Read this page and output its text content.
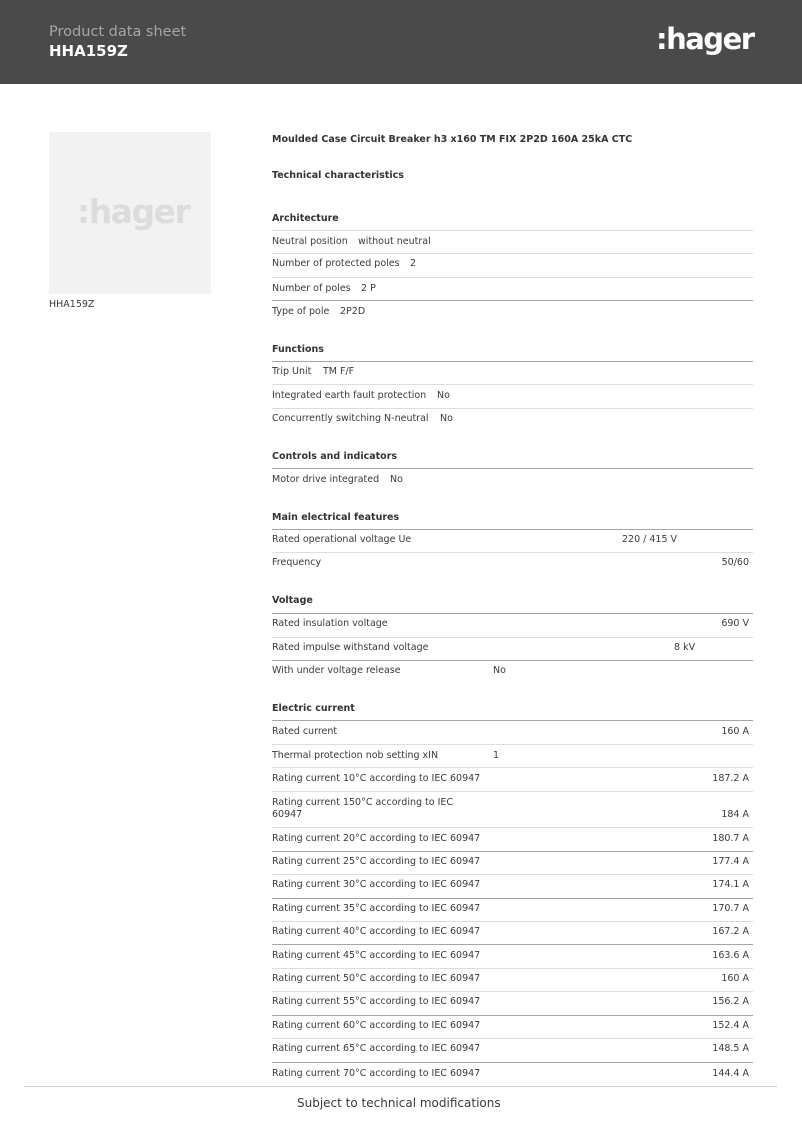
Product data sheet
HHA159Z	:hager
:hager
HHA159Z
Moulded Case Circuit Breaker h3 x160 TM FIX 2P2D 160A 25kA CTC
Technical characteristics
Architecture
Neutral position without neutral
Number of protected poles 2
Number of poles 2 P
Type of pole 2P2D
Functions
Trip Unit TM F/F
Integrated earth fault protection No
Concurrently switching N-neutral No
Controls and indicators
Motor drive integrated No
Main electrical features
Rated operational voltage Ue	220 / 415 V
Frequency	50/60
Voltage
Rated insulation voltage	690 V
Rated impulse withstand voltage	8 kV
With under voltage release	No
Electric current
Rated current	160 A
Thermal protection nob setting xIN	1
Rating current 10°C according to IEC 60947	187.2 A
Rating current 150°C according to IEC
60947	184 A
Rating current 20°C according to IEC 60947	180.7 A
Rating current 25°C according to IEC 60947	177.4 A
Rating current 30°C according to IEC 60947	174.1 A
Rating current 35°C according to IEC 60947	170.7 A
Rating current 40°C according to IEC 60947	167.2 A
Rating current 45°C according to IEC 60947	163.6 A
Rating current 50°C according to IEC 60947	160 A
Rating current 55°C according to IEC 60947	156.2 A
Rating current 60°C according to IEC 60947	152.4 A
Rating current 65°C according to IEC 60947	148.5 A
Rating current 70°C according to IEC 60947	144.4 A
Subject to technical modifications
